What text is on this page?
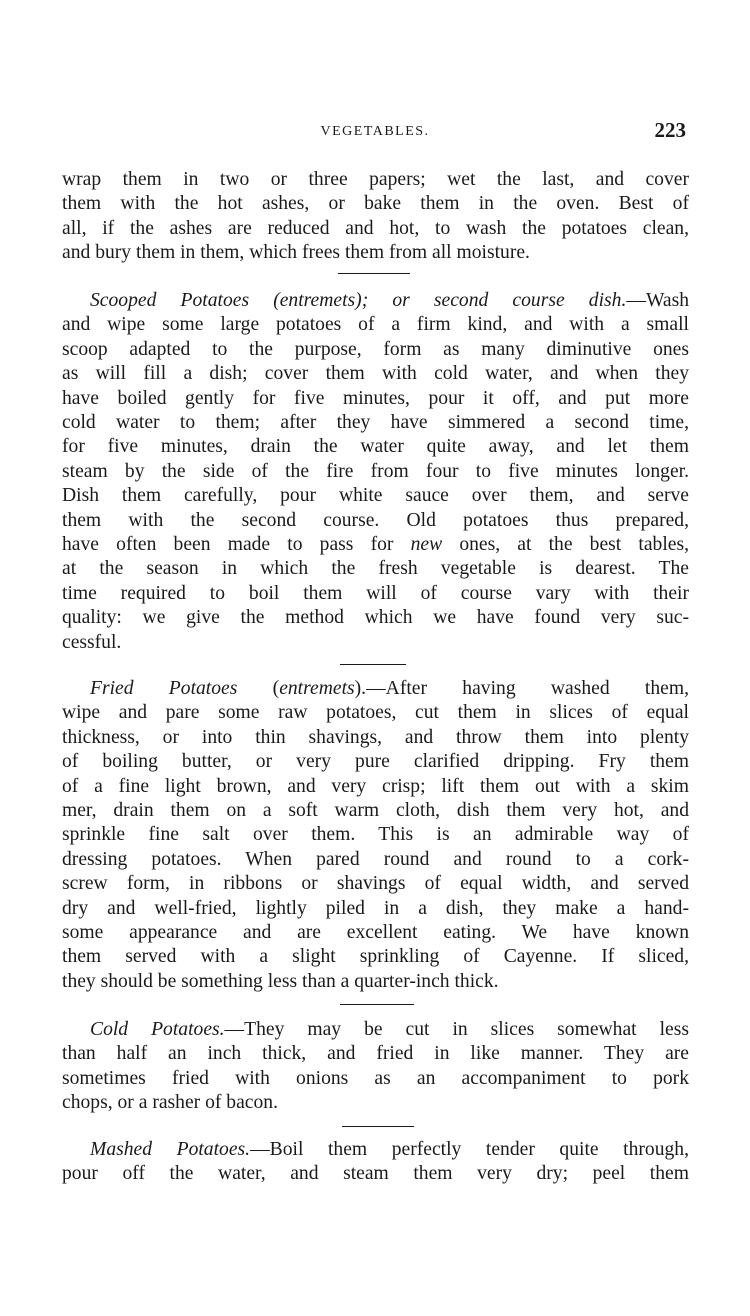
VEGETABLES.	223
wrap them in two or three papers; wet the last, and cover
them with the hot ashes, or bake them in the oven. Best of
all, if the ashes are reduced and hot, to wash the potatoes clean,
and bury them in them, which frees them from all moisture.
Scooped Potatoes (entremets); or second course dish.—Wash
and wipe some large potatoes of a firm kind, and with a small
scoop adapted to the purpose, form as many diminutive ones
as will fill a dish; cover them with cold water, and when they
have boiled gently for five minutes, pour it off, and put more
cold water to them; after they have simmered a second time,
for five minutes, drain the water quite away, and let them
steam by the side of the fire from four to five minutes longer.
Dish them carefully, pour white sauce over them, and serve
them with the second course. Old potatoes thus prepared,
have often been made to pass for new ones, at the best tables,
at the season in which the fresh vegetable is dearest. The
time required to boil them will of course vary with their
quality: we give the method which we have found very suc-
cessful.
Fried Potatoes (entremets).—After having washed them,
wipe and pare some raw potatoes, cut them in slices of equal
thickness, or into thin shavings, and throw them into plenty
of boiling butter, or very pure clarified dripping. Fry them
of a fine light brown, and very crisp; lift them out with a skim
mer, drain them on a soft warm cloth, dish them very hot, and
sprinkle fine salt over them. This is an admirable way of
dressing potatoes. When pared round and round to a cork-
screw form, in ribbons or shavings of equal width, and served
dry and well-fried, lightly piled in a dish, they make a hand-
some appearance and are excellent eating. We have known
them served with a slight sprinkling of Cayenne. If sliced,
they should be something less than a quarter-inch thick.
Cold Potatoes.—They may be cut in slices somewhat less
than half an inch thick, and fried in like manner. They are
sometimes fried with onions as an accompaniment to pork
chops, or a rasher of bacon.
Mashed Potatoes.—Boil them perfectly tender quite through,
pour off the water, and steam them very dry; peel them
